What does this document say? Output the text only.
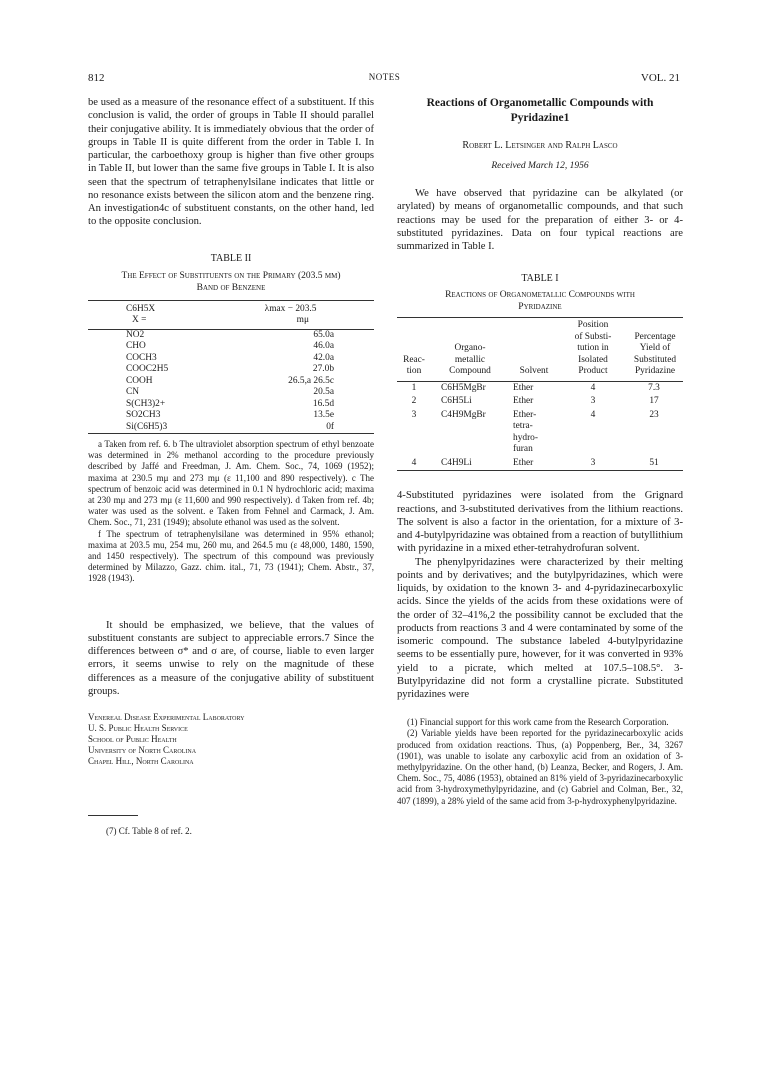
812	NOTES	VOL. 21

be used as a measure of the resonance effect of a substituent. If this conclusion is valid, the order of groups in Table II should parallel their conjugative ability. It is immediately obvious that the order of groups in Table II is quite different from the order in Table I. In particular, the carboethoxy group is higher than five other groups in Table II, but lower than the same five groups in Table I. It is also seen that the spectrum of tetraphenylsilane indicates that little or no resonance exists between the silicon atom and the benzene ring. An investigation4c of substituent constants, on the other hand, led to the opposite conclusion.

TABLE II

The Effect of Substituents on the Primary (203.5 mμ)

Band of Benzene

C6H5X	λmax − 203.5
X =	mμ
NO2	65.0a
CHO	46.0a
COCH3	42.0a
COOC2H5	27.0b
COOH	26.5,a 26.5c
CN	20.5a
S(CH3)2+	16.5d
SO2CH3	13.5e
Si(C6H5)3	0f

a Taken from ref. 6. b The ultraviolet absorption spectrum of ethyl benzoate was determined in 2% methanol according to the procedure previously described by Jaffé and Freedman, J. Am. Chem. Soc., 74, 1069 (1952); maxima at 230.5 mμ and 273 mμ (ε 11,100 and 890 respectively). c The spectrum of benzoic acid was determined in 0.1 N hydrochloric acid; maxima at 230 mμ and 273 mμ (ε 11,600 and 990 respectively). d Taken from ref. 4b; water was used as the solvent. e Taken from Fehnel and Carmack, J. Am. Chem. Soc., 71, 231 (1949); absolute ethanol was used as the solvent.

f The spectrum of tetraphenylsilane was determined in 95% ethanol; maxima at 203.5 mu, 254 mu, 260 mu, and 264.5 mu (ε 48,000, 1480, 1590, and 1450 respectively). The spectrum of this compound was previously determined by Milazzo, Gazz. chim. ital., 71, 73 (1941); Chem. Abstr., 37, 1928 (1943).

It should be emphasized, we believe, that the values of substituent constants are subject to appreciable errors.7 Since the differences between σ* and σ are, of course, liable to even larger errors, it seems unwise to rely on the magnitude of these differences as a measure of the conjugative ability of substituent groups.

Venereal Disease Experimental Laboratory

U. S. Public Health Service

School of Public Health

University of North Carolina

Chapel Hill, North Carolina

(7) Cf. Table 8 of ref. 2.

Reactions of Organometallic Compounds with

Pyridazine1

Robert L. Letsinger and Ralph Lasco

Received March 12, 1956

We have observed that pyridazine can be alkylated (or arylated) by means of organometallic compounds, and that such reactions may be used for the preparation of either 3- or 4-substituted pyridazines. Data on four typical reactions are summarized in Table I.

TABLE I

Reactions of Organometallic Compounds with

Pyridazine

Reac-
tion	Organo-
metallic
Compound	Solvent	Position
of Substi-
tution in
Isolated
Product	Percentage
Yield of
Substituted
Pyridazine
1	C6H5MgBr	Ether	4	7.3
2	C6H5Li	Ether	3	17
3	C4H9MgBr	Ether-
tetra-
hydro-
furan	4	23
4	C4H9Li	Ether	3	51

4-Substituted pyridazines were isolated from the Grignard reactions, and 3-substituted derivatives from the lithium reactions. The solvent is also a factor in the orientation, for a mixture of 3- and 4-butylpyridazine was obtained from a reaction of butyllithium with pyridazine in a mixed ether-tetrahydrofuran solvent.

The phenylpyridazines were characterized by their melting points and by derivatives; and the butylpyridazines, which were liquids, by oxidation to the known 3- and 4-pyridazinecarboxylic acids. Since the yields of the acids from these oxidations were of the order of 32–41%,2 the possibility cannot be excluded that the products from reactions 3 and 4 were contaminated by some of the isomeric compound. The substance labeled 4-butylpyridazine seems to be essentially pure, however, for it was converted in 93% yield to a picrate, which melted at 107.5–108.5°. 3-Butylpyridazine did not form a crystalline picrate. Substituted pyridazines were

(1) Financial support for this work came from the Research Corporation.

(2) Variable yields have been reported for the pyridazinecarboxylic acids produced from oxidation reactions. Thus, (a) Poppenberg, Ber., 34, 3267 (1901), was unable to isolate any carboxylic acid from an oxidation of 3-methylpyridazine. On the other hand, (b) Leanza, Becker, and Rogers, J. Am. Chem. Soc., 75, 4086 (1953), obtained an 81% yield of 3-pyridazinecarboxylic acid from 3-hydroxymethylpyridazine, and (c) Gabriel and Colman, Ber., 32, 407 (1899), a 28% yield of the same acid from 3-p-hydroxyphenylpyridazine.
